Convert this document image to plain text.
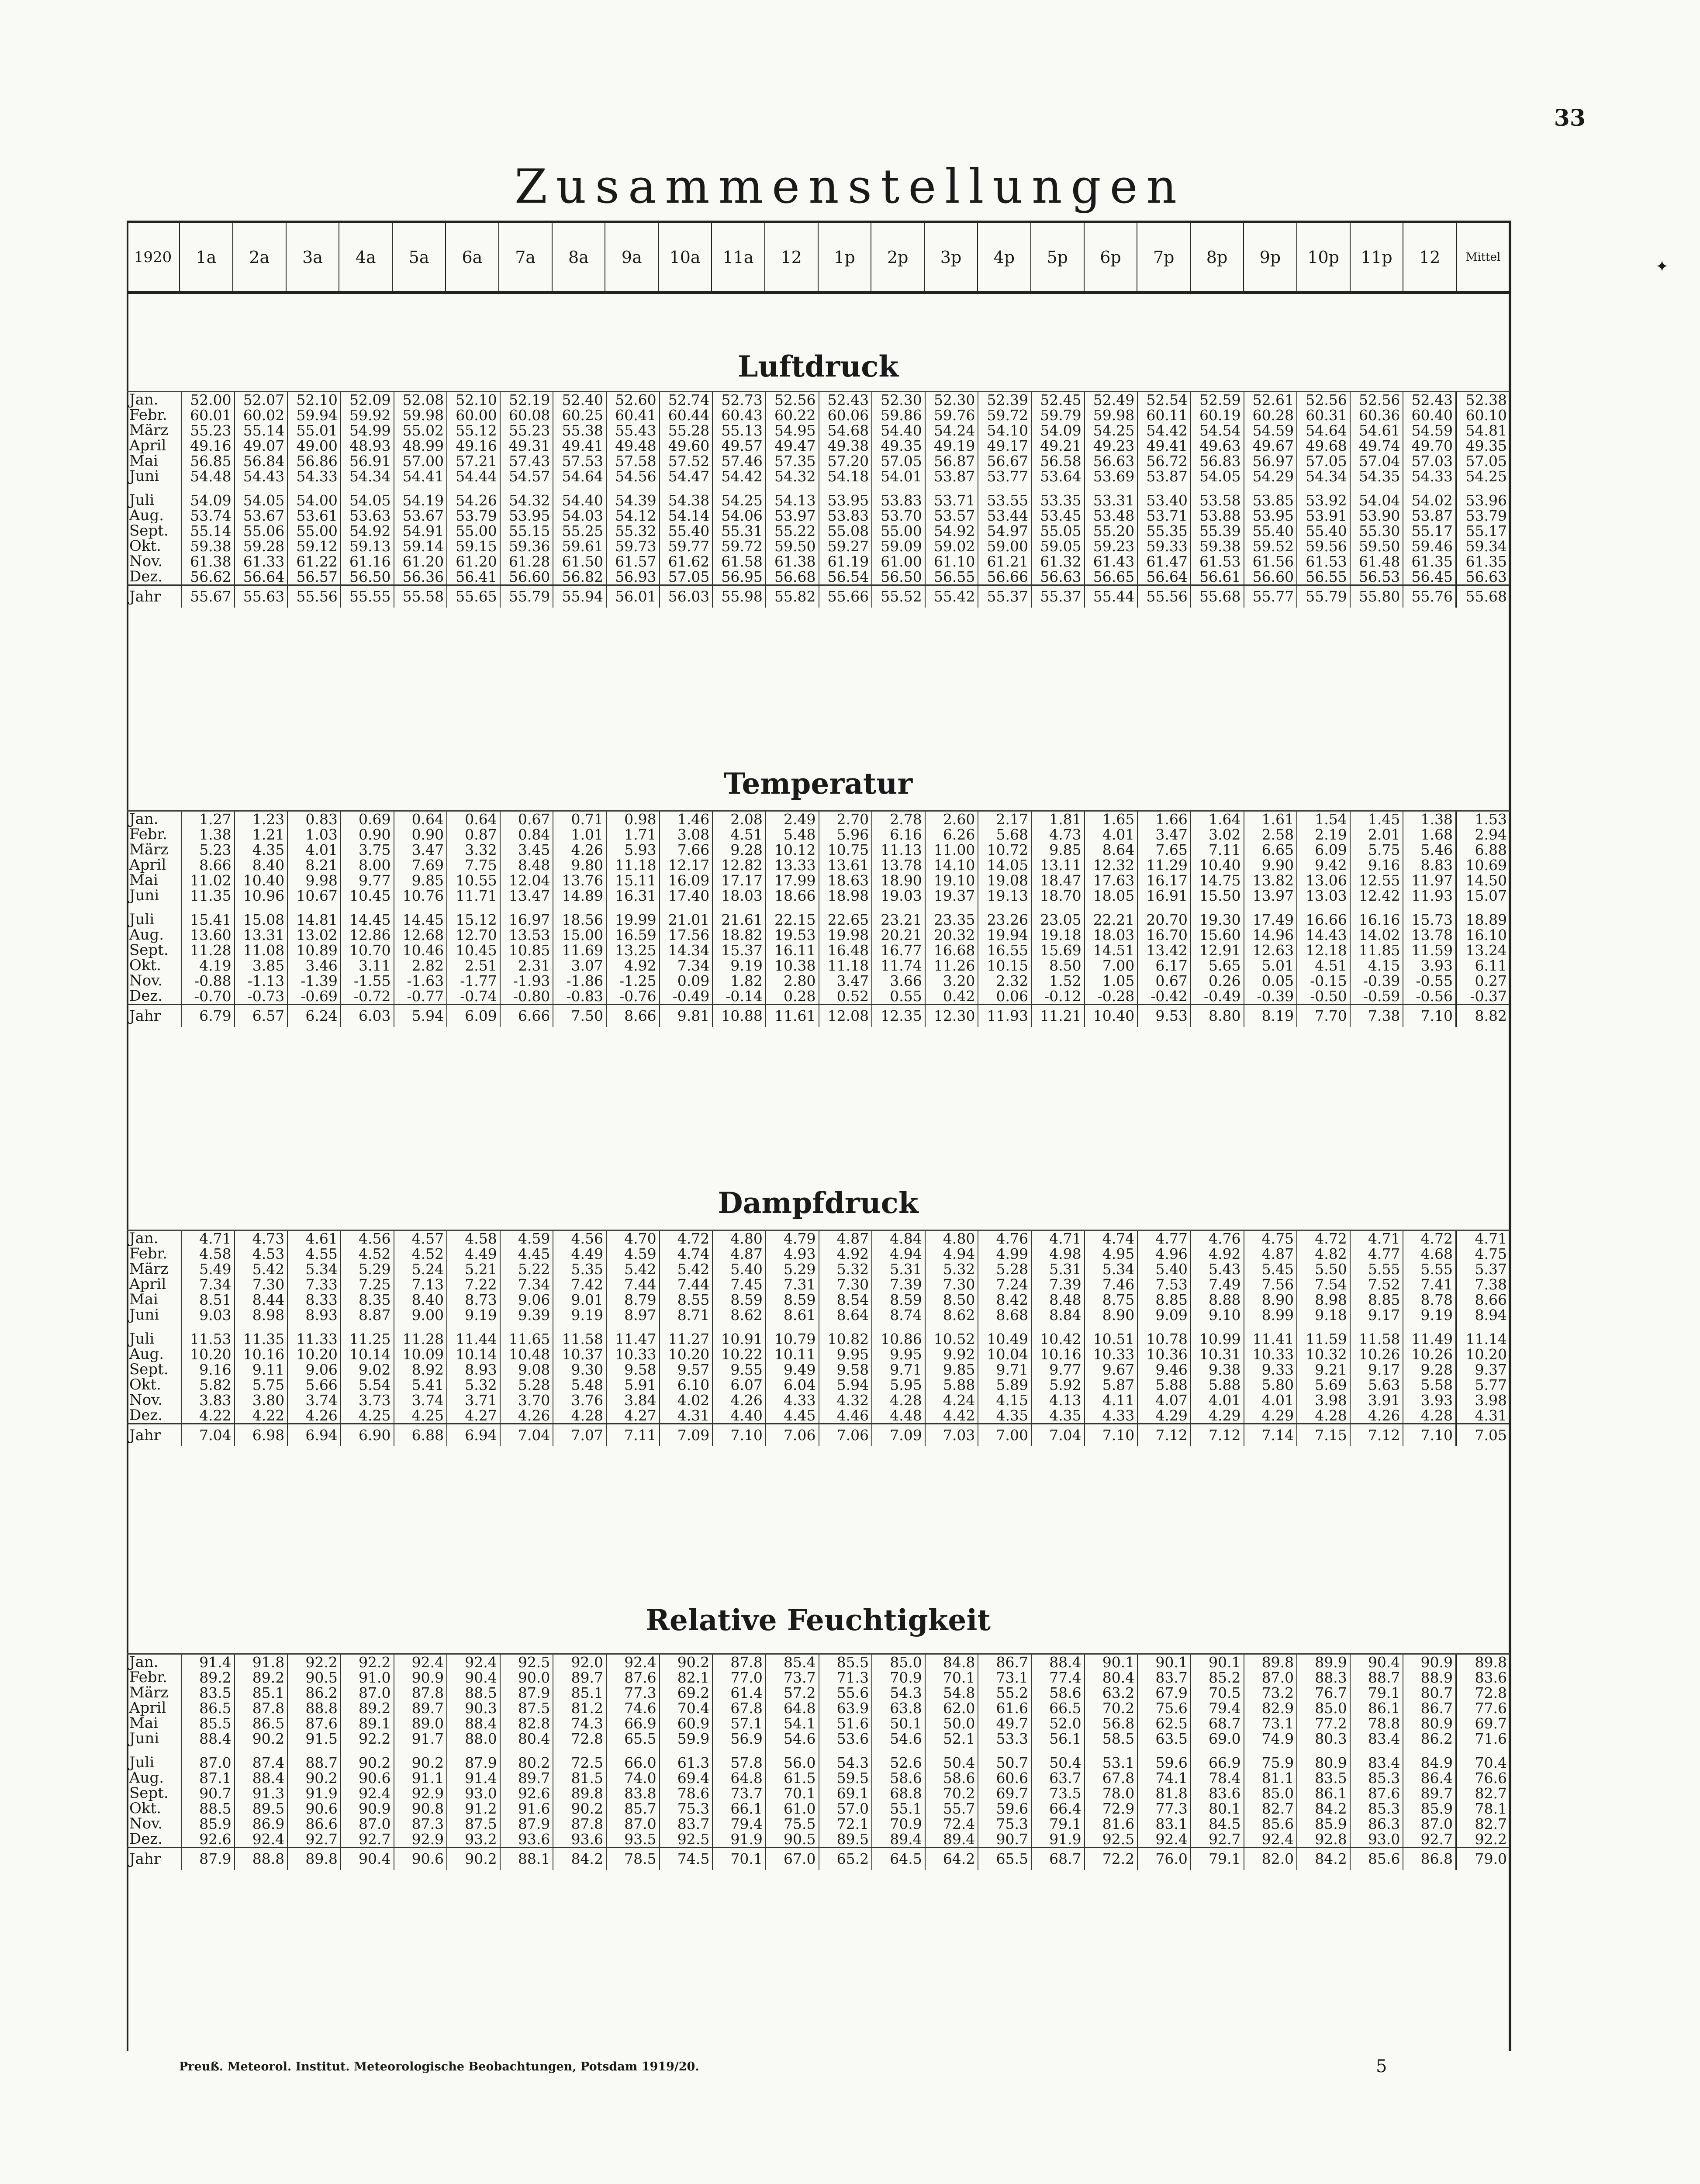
33
Zusammenstellungen
1920	1a	2a	3a	4a	5a	6a	7a	8a	9a	10a	11a	12	1p	2p	3p	4p	5p	6p	7p	8p	9p	10p	11p	12	Mittel
Luftdruck
Jan.	52.00	52.07	52.10	52.09	52.08	52.10	52.19	52.40	52.60	52.74	52.73	52.56	52.43	52.30	52.30	52.39	52.45	52.49	52.54	52.59	52.61	52.56	52.56	52.43	52.38
Febr.	60.01	60.02	59.94	59.92	59.98	60.00	60.08	60.25	60.41	60.44	60.43	60.22	60.06	59.86	59.76	59.72	59.79	59.98	60.11	60.19	60.28	60.31	60.36	60.40	60.10
März	55.23	55.14	55.01	54.99	55.02	55.12	55.23	55.38	55.43	55.28	55.13	54.95	54.68	54.40	54.24	54.10	54.09	54.25	54.42	54.54	54.59	54.64	54.61	54.59	54.81
April	49.16	49.07	49.00	48.93	48.99	49.16	49.31	49.41	49.48	49.60	49.57	49.47	49.38	49.35	49.19	49.17	49.21	49.23	49.41	49.63	49.67	49.68	49.74	49.70	49.35
Mai	56.85	56.84	56.86	56.91	57.00	57.21	57.43	57.53	57.58	57.52	57.46	57.35	57.20	57.05	56.87	56.67	56.58	56.63	56.72	56.83	56.97	57.05	57.04	57.03	57.05
Juni	54.48	54.43	54.33	54.34	54.41	54.44	54.57	54.64	54.56	54.47	54.42	54.32	54.18	54.01	53.87	53.77	53.64	53.69	53.87	54.05	54.29	54.34	54.35	54.33	54.25

Juli	54.09	54.05	54.00	54.05	54.19	54.26	54.32	54.40	54.39	54.38	54.25	54.13	53.95	53.83	53.71	53.55	53.35	53.31	53.40	53.58	53.85	53.92	54.04	54.02	53.96
Aug.	53.74	53.67	53.61	53.63	53.67	53.79	53.95	54.03	54.12	54.14	54.06	53.97	53.83	53.70	53.57	53.44	53.45	53.48	53.71	53.88	53.95	53.91	53.90	53.87	53.79
Sept.	55.14	55.06	55.00	54.92	54.91	55.00	55.15	55.25	55.32	55.40	55.31	55.22	55.08	55.00	54.92	54.97	55.05	55.20	55.35	55.39	55.40	55.40	55.30	55.17	55.17
Okt.	59.38	59.28	59.12	59.13	59.14	59.15	59.36	59.61	59.73	59.77	59.72	59.50	59.27	59.09	59.02	59.00	59.05	59.23	59.33	59.38	59.52	59.56	59.50	59.46	59.34
Nov.	61.38	61.33	61.22	61.16	61.20	61.20	61.28	61.50	61.57	61.62	61.58	61.38	61.19	61.00	61.10	61.21	61.32	61.43	61.47	61.53	61.56	61.53	61.48	61.35	61.35
Dez.	56.62	56.64	56.57	56.50	56.36	56.41	56.60	56.82	56.93	57.05	56.95	56.68	56.54	56.50	56.55	56.66	56.63	56.65	56.64	56.61	56.60	56.55	56.53	56.45	56.63
Jahr	55.67	55.63	55.56	55.55	55.58	55.65	55.79	55.94	56.01	56.03	55.98	55.82	55.66	55.52	55.42	55.37	55.37	55.44	55.56	55.68	55.77	55.79	55.80	55.76	55.68
Temperatur
Jan.	1.27	1.23	0.83	0.69	0.64	0.64	0.67	0.71	0.98	1.46	2.08	2.49	2.70	2.78	2.60	2.17	1.81	1.65	1.66	1.64	1.61	1.54	1.45	1.38	1.53
Febr.	1.38	1.21	1.03	0.90	0.90	0.87	0.84	1.01	1.71	3.08	4.51	5.48	5.96	6.16	6.26	5.68	4.73	4.01	3.47	3.02	2.58	2.19	2.01	1.68	2.94
März	5.23	4.35	4.01	3.75	3.47	3.32	3.45	4.26	5.93	7.66	9.28	10.12	10.75	11.13	11.00	10.72	9.85	8.64	7.65	7.11	6.65	6.09	5.75	5.46	6.88
April	8.66	8.40	8.21	8.00	7.69	7.75	8.48	9.80	11.18	12.17	12.82	13.33	13.61	13.78	14.10	14.05	13.11	12.32	11.29	10.40	9.90	9.42	9.16	8.83	10.69
Mai	11.02	10.40	9.98	9.77	9.85	10.55	12.04	13.76	15.11	16.09	17.17	17.99	18.63	18.90	19.10	19.08	18.47	17.63	16.17	14.75	13.82	13.06	12.55	11.97	14.50
Juni	11.35	10.96	10.67	10.45	10.76	11.71	13.47	14.89	16.31	17.40	18.03	18.66	18.98	19.03	19.37	19.13	18.70	18.05	16.91	15.50	13.97	13.03	12.42	11.93	15.07

Juli	15.41	15.08	14.81	14.45	14.45	15.12	16.97	18.56	19.99	21.01	21.61	22.15	22.65	23.21	23.35	23.26	23.05	22.21	20.70	19.30	17.49	16.66	16.16	15.73	18.89
Aug.	13.60	13.31	13.02	12.86	12.68	12.70	13.53	15.00	16.59	17.56	18.82	19.53	19.98	20.21	20.32	19.94	19.18	18.03	16.70	15.60	14.96	14.43	14.02	13.78	16.10
Sept.	11.28	11.08	10.89	10.70	10.46	10.45	10.85	11.69	13.25	14.34	15.37	16.11	16.48	16.77	16.68	16.55	15.69	14.51	13.42	12.91	12.63	12.18	11.85	11.59	13.24
Okt.	4.19	3.85	3.46	3.11	2.82	2.51	2.31	3.07	4.92	7.34	9.19	10.38	11.18	11.74	11.26	10.15	8.50	7.00	6.17	5.65	5.01	4.51	4.15	3.93	6.11
Nov.	-0.88	-1.13	-1.39	-1.55	-1.63	-1.77	-1.93	-1.86	-1.25	0.09	1.82	2.80	3.47	3.66	3.20	2.32	1.52	1.05	0.67	0.26	0.05	-0.15	-0.39	-0.55	0.27
Dez.	-0.70	-0.73	-0.69	-0.72	-0.77	-0.74	-0.80	-0.83	-0.76	-0.49	-0.14	0.28	0.52	0.55	0.42	0.06	-0.12	-0.28	-0.42	-0.49	-0.39	-0.50	-0.59	-0.56	-0.37
Jahr	6.79	6.57	6.24	6.03	5.94	6.09	6.66	7.50	8.66	9.81	10.88	11.61	12.08	12.35	12.30	11.93	11.21	10.40	9.53	8.80	8.19	7.70	7.38	7.10	8.82
Dampfdruck
Jan.	4.71	4.73	4.61	4.56	4.57	4.58	4.59	4.56	4.70	4.72	4.80	4.79	4.87	4.84	4.80	4.76	4.71	4.74	4.77	4.76	4.75	4.72	4.71	4.72	4.71
Febr.	4.58	4.53	4.55	4.52	4.52	4.49	4.45	4.49	4.59	4.74	4.87	4.93	4.92	4.94	4.94	4.99	4.98	4.95	4.96	4.92	4.87	4.82	4.77	4.68	4.75
März	5.49	5.42	5.34	5.29	5.24	5.21	5.22	5.35	5.42	5.42	5.40	5.29	5.32	5.31	5.32	5.28	5.31	5.34	5.40	5.43	5.45	5.50	5.55	5.55	5.37
April	7.34	7.30	7.33	7.25	7.13	7.22	7.34	7.42	7.44	7.44	7.45	7.31	7.30	7.39	7.30	7.24	7.39	7.46	7.53	7.49	7.56	7.54	7.52	7.41	7.38
Mai	8.51	8.44	8.33	8.35	8.40	8.73	9.06	9.01	8.79	8.55	8.59	8.59	8.54	8.59	8.50	8.42	8.48	8.75	8.85	8.88	8.90	8.98	8.85	8.78	8.66
Juni	9.03	8.98	8.93	8.87	9.00	9.19	9.39	9.19	8.97	8.71	8.62	8.61	8.64	8.74	8.62	8.68	8.84	8.90	9.09	9.10	8.99	9.18	9.17	9.19	8.94

Juli	11.53	11.35	11.33	11.25	11.28	11.44	11.65	11.58	11.47	11.27	10.91	10.79	10.82	10.86	10.52	10.49	10.42	10.51	10.78	10.99	11.41	11.59	11.58	11.49	11.14
Aug.	10.20	10.16	10.20	10.14	10.09	10.14	10.48	10.37	10.33	10.20	10.22	10.11	9.95	9.95	9.92	10.04	10.16	10.33	10.36	10.31	10.33	10.32	10.26	10.26	10.20
Sept.	9.16	9.11	9.06	9.02	8.92	8.93	9.08	9.30	9.58	9.57	9.55	9.49	9.58	9.71	9.85	9.71	9.77	9.67	9.46	9.38	9.33	9.21	9.17	9.28	9.37
Okt.	5.82	5.75	5.66	5.54	5.41	5.32	5.28	5.48	5.91	6.10	6.07	6.04	5.94	5.95	5.88	5.89	5.92	5.87	5.88	5.88	5.80	5.69	5.63	5.58	5.77
Nov.	3.83	3.80	3.74	3.73	3.74	3.71	3.70	3.76	3.84	4.02	4.26	4.33	4.32	4.28	4.24	4.15	4.13	4.11	4.07	4.01	4.01	3.98	3.91	3.93	3.98
Dez.	4.22	4.22	4.26	4.25	4.25	4.27	4.26	4.28	4.27	4.31	4.40	4.45	4.46	4.48	4.42	4.35	4.35	4.33	4.29	4.29	4.29	4.28	4.26	4.28	4.31
Jahr	7.04	6.98	6.94	6.90	6.88	6.94	7.04	7.07	7.11	7.09	7.10	7.06	7.06	7.09	7.03	7.00	7.04	7.10	7.12	7.12	7.14	7.15	7.12	7.10	7.05
Relative Feuchtigkeit
Jan.	91.4	91.8	92.2	92.2	92.4	92.4	92.5	92.0	92.4	90.2	87.8	85.4	85.5	85.0	84.8	86.7	88.4	90.1	90.1	90.1	89.8	89.9	90.4	90.9	89.8
Febr.	89.2	89.2	90.5	91.0	90.9	90.4	90.0	89.7	87.6	82.1	77.0	73.7	71.3	70.9	70.1	73.1	77.4	80.4	83.7	85.2	87.0	88.3	88.7	88.9	83.6
März	83.5	85.1	86.2	87.0	87.8	88.5	87.9	85.1	77.3	69.2	61.4	57.2	55.6	54.3	54.8	55.2	58.6	63.2	67.9	70.5	73.2	76.7	79.1	80.7	72.8
April	86.5	87.8	88.8	89.2	89.7	90.3	87.5	81.2	74.6	70.4	67.8	64.8	63.9	63.8	62.0	61.6	66.5	70.2	75.6	79.4	82.9	85.0	86.1	86.7	77.6
Mai	85.5	86.5	87.6	89.1	89.0	88.4	82.8	74.3	66.9	60.9	57.1	54.1	51.6	50.1	50.0	49.7	52.0	56.8	62.5	68.7	73.1	77.2	78.8	80.9	69.7
Juni	88.4	90.2	91.5	92.2	91.7	88.0	80.4	72.8	65.5	59.9	56.9	54.6	53.6	54.6	52.1	53.3	56.1	58.5	63.5	69.0	74.9	80.3	83.4	86.2	71.6

Juli	87.0	87.4	88.7	90.2	90.2	87.9	80.2	72.5	66.0	61.3	57.8	56.0	54.3	52.6	50.4	50.7	50.4	53.1	59.6	66.9	75.9	80.9	83.4	84.9	70.4
Aug.	87.1	88.4	90.2	90.6	91.1	91.4	89.7	81.5	74.0	69.4	64.8	61.5	59.5	58.6	58.6	60.6	63.7	67.8	74.1	78.4	81.1	83.5	85.3	86.4	76.6
Sept.	90.7	91.3	91.9	92.4	92.9	93.0	92.6	89.8	83.8	78.6	73.7	70.1	69.1	68.8	70.2	69.7	73.5	78.0	81.8	83.6	85.0	86.1	87.6	89.7	82.7
Okt.	88.5	89.5	90.6	90.9	90.8	91.2	91.6	90.2	85.7	75.3	66.1	61.0	57.0	55.1	55.7	59.6	66.4	72.9	77.3	80.1	82.7	84.2	85.3	85.9	78.1
Nov.	85.9	86.9	86.6	87.0	87.3	87.5	87.9	87.8	87.0	83.7	79.4	75.5	72.1	70.9	72.4	75.3	79.1	81.6	83.1	84.5	85.6	85.9	86.3	87.0	82.7
Dez.	92.6	92.4	92.7	92.7	92.9	93.2	93.6	93.6	93.5	92.5	91.9	90.5	89.5	89.4	89.4	90.7	91.9	92.5	92.4	92.7	92.4	92.8	93.0	92.7	92.2
Jahr	87.9	88.8	89.8	90.4	90.6	90.2	88.1	84.2	78.5	74.5	70.1	67.0	65.2	64.5	64.2	65.5	68.7	72.2	76.0	79.1	82.0	84.2	85.6	86.8	79.0
Preuß. Meteorol. Institut. Meteorologische Beobachtungen, Potsdam 1919/20.	5
✦
